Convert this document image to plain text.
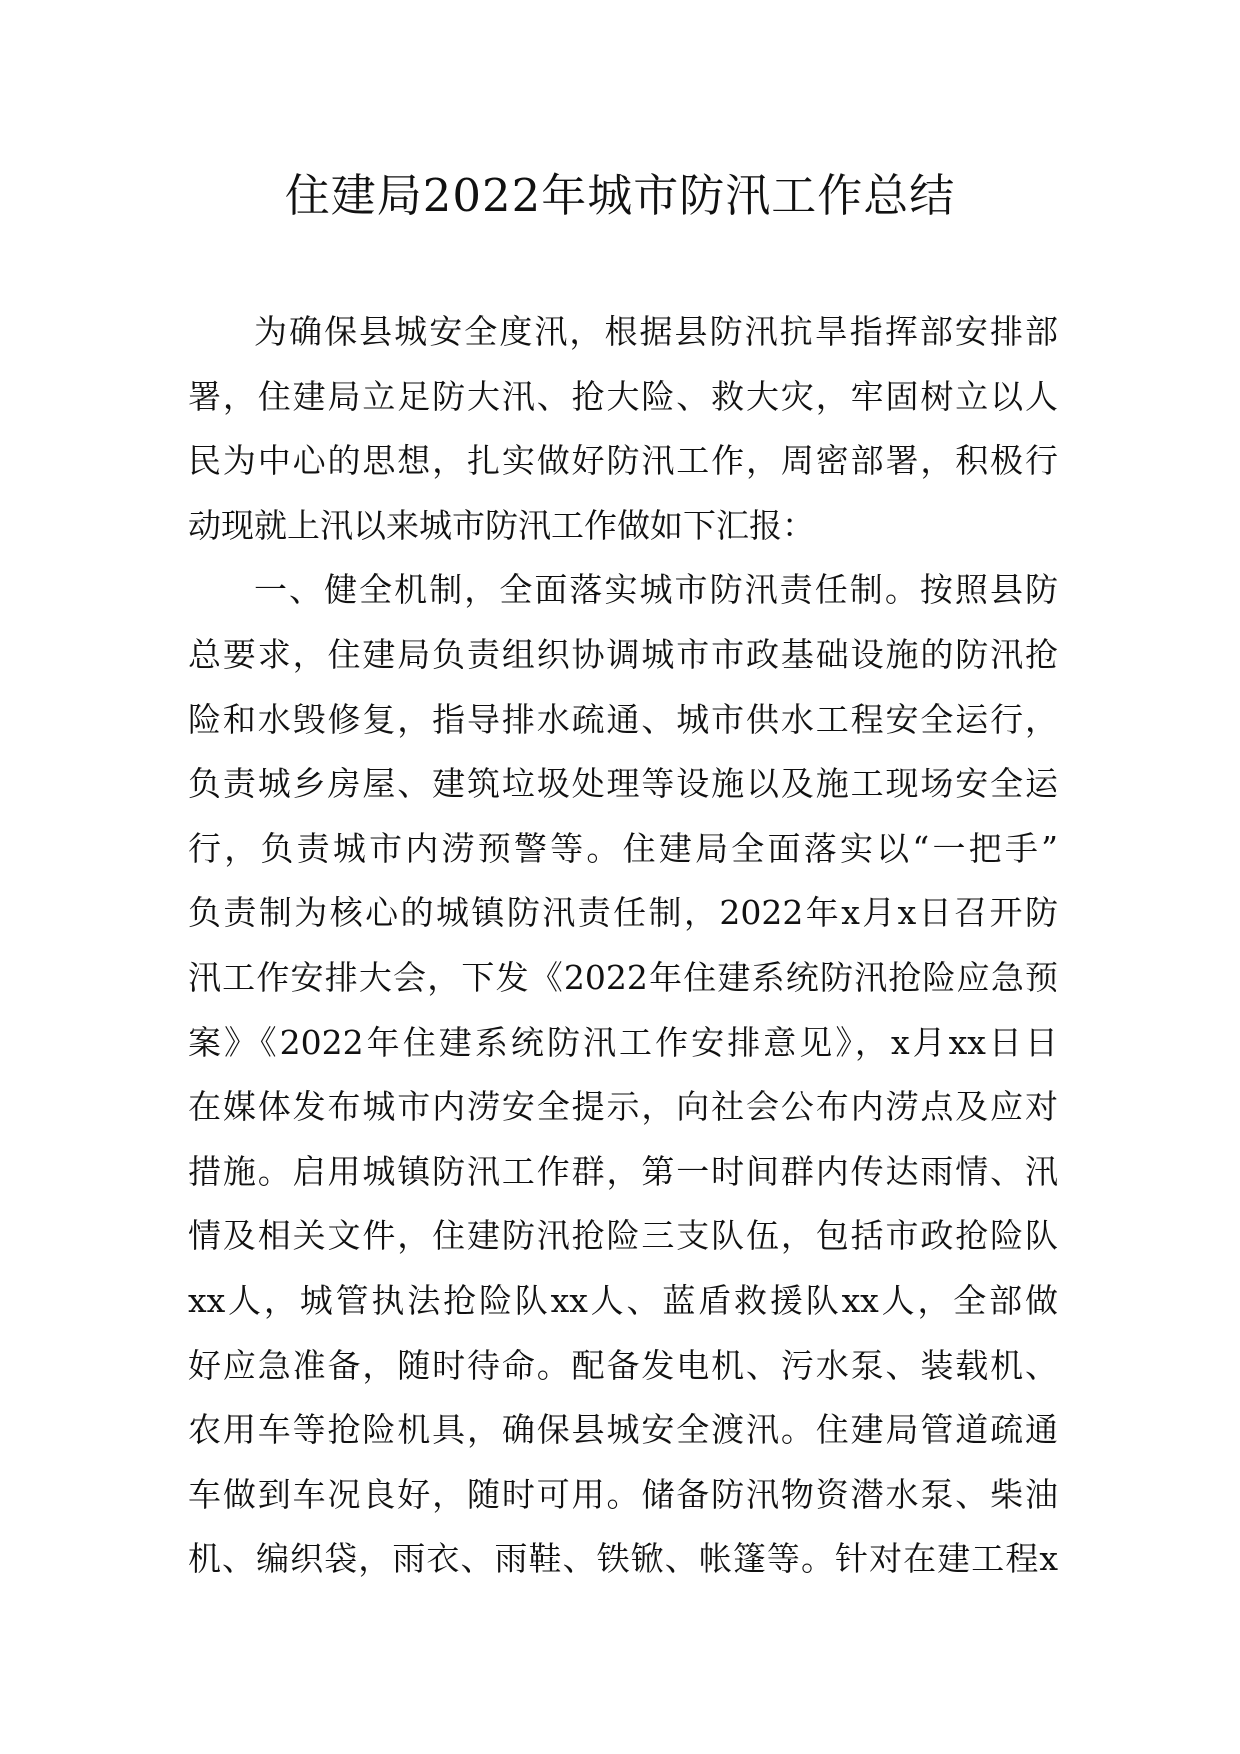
住建局2022年城市防汛工作总结
为确保县城安全度汛，根据县防汛抗旱指挥部安排部
署，住建局立足防大汛、抢大险、救大灾，牢固树立以人
民为中心的思想，扎实做好防汛工作，周密部署，积极行
动现就上汛以来城市防汛工作做如下汇报：
一、健全机制，全面落实城市防汛责任制。按照县防
总要求，住建局负责组织协调城市市政基础设施的防汛抢
险和水毁修复，指导排水疏通、城市供水工程安全运行，
负责城乡房屋、建筑垃圾处理等设施以及施工现场安全运
行，负责城市内涝预警等。住建局全面落实以“一把手”
负责制为核心的城镇防汛责任制，2022年x月x日召开防
汛工作安排大会，下发《2022年住建系统防汛抢险应急预
案》《2022年住建系统防汛工作安排意见》，x月xx日日
在媒体发布城市内涝安全提示，向社会公布内涝点及应对
措施。启用城镇防汛工作群，第一时间群内传达雨情、汛
情及相关文件，住建防汛抢险三支队伍，包括市政抢险队
xx人，城管执法抢险队xx人、蓝盾救援队xx人，全部做
好应急准备，随时待命。配备发电机、污水泵、装载机、
农用车等抢险机具，确保县城安全渡汛。住建局管道疏通
车做到车况良好，随时可用。储备防汛物资潜水泵、柴油
机、编织袋，雨衣、雨鞋、铁锨、帐篷等。针对在建工程x
